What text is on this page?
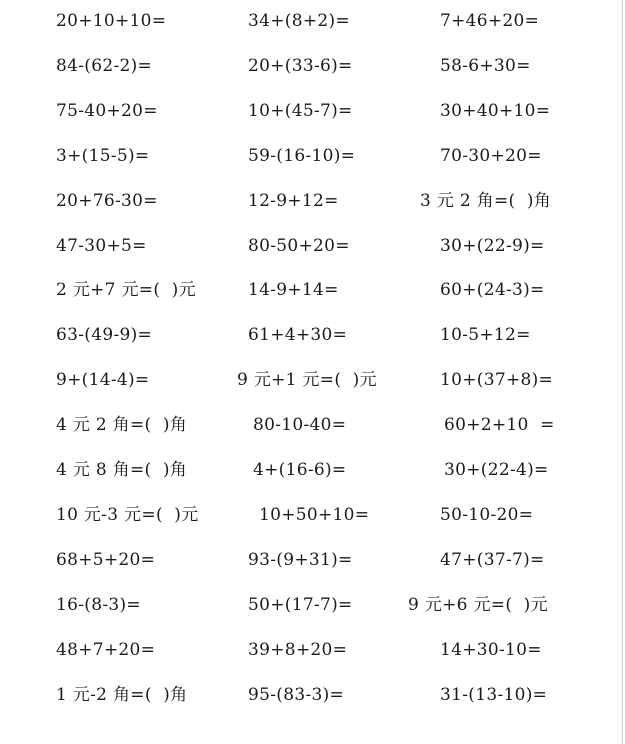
20+10+10=	34+(8+2)=	7+46+20=
84-(62-2)=	20+(33-6)=	58-6+30=
75-40+20=	10+(45-7)=	30+40+10=
3+(15-5)=	59-(16-10)=	70-30+20=
20+76-30=	12-9+12=	3 元 2 角=(  )角
47-30+5=	80-50+20=	30+(22-9)=
2 元+7 元=(  )元	14-9+14=	60+(24-3)=
63-(49-9)=	61+4+30=	10-5+12=
9+(14-4)=	9 元+1 元=(  )元	10+(37+8)=
4 元 2 角=(  )角	80-10-40=	60+2+10  =
4 元 8 角=(  )角	4+(16-6)=	30+(22-4)=
10 元-3 元=(  )元	10+50+10=	50-10-20=
68+5+20=	93-(9+31)=	47+(37-7)=
16-(8-3)=	50+(17-7)=	9 元+6 元=(  )元
48+7+20=	39+8+20=	14+30-10=
1 元-2 角=(  )角	95-(83-3)=	31-(13-10)=
